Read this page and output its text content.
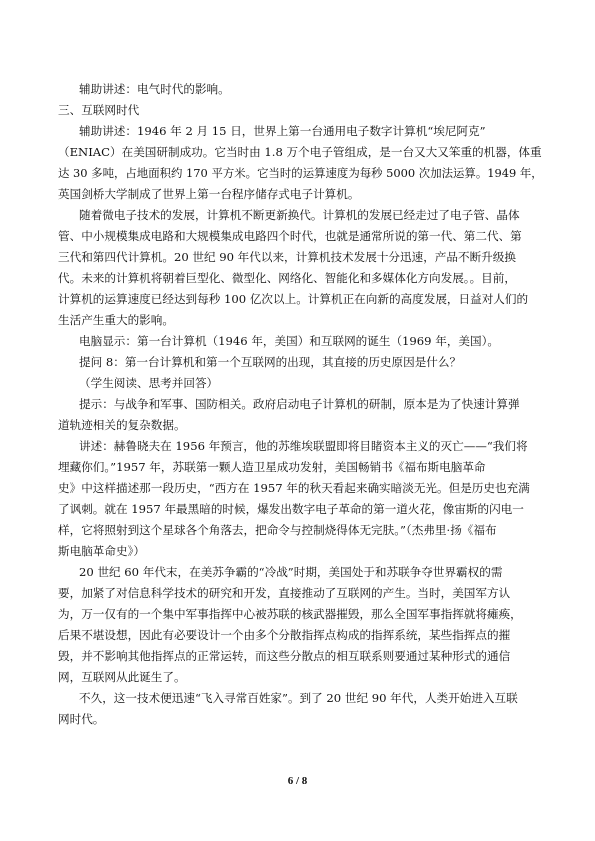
辅助讲述：电气时代的影响。
三、互联网时代
辅助讲述：1946 年 2 月 15 日，世界上第一台通用电子数字计算机“埃尼阿克”
（ENIAC）在美国研制成功。它当时由 1.8 万个电子管组成，是一台又大又笨重的机器，体重
达 30 多吨，占地面积约 170 平方米。它当时的运算速度为每秒 5000 次加法运算。1949 年，
英国剑桥大学制成了世界上第一台程序储存式电子计算机。
随着微电子技术的发展，计算机不断更新换代。计算机的发展已经走过了电子管、晶体
管、中小规模集成电路和大规模集成电路四个时代，也就是通常所说的第一代、第二代、第
三代和第四代计算机。20 世纪 90 年代以来，计算机技术发展十分迅速，产品不断升级换
代。未来的计算机将朝着巨型化、微型化、网络化、智能化和多媒体化方向发展。。目前，
计算机的运算速度已经达到每秒 100 亿次以上。计算机正在向新的高度发展，日益对人们的
生活产生重大的影响。
电脑显示：第一台计算机（1946 年，美国）和互联网的诞生（1969 年，美国）。
提问 8：第一台计算机和第一个互联网的出现，其直接的历史原因是什么？
（学生阅读、思考并回答）
提示：与战争和军事、国防相关。政府启动电子计算机的研制，原本是为了快速计算弹
道轨迹相关的复杂数据。
讲述：赫鲁晓夫在 1956 年预言，他的苏维埃联盟即将目睹资本主义的灭亡——“我们将
埋藏你们。”1957 年，苏联第一颗人造卫星成功发射，美国畅销书《福布斯电脑革命
史》中这样描述那一段历史，“西方在 1957 年的秋天看起来确实暗淡无光。但是历史也充满
了讽刺。就在 1957 年最黑暗的时候，爆发出数字电子革命的第一道火花，像宙斯的闪电一
样，它将照射到这个星球各个角落去，把命令与控制烧得体无完肤。”（杰弗里·扬《福布
斯电脑革命史》）
20 世纪 60 年代末，在美苏争霸的“冷战”时期，美国处于和苏联争夺世界霸权的需
要，加紧了对信息科学技术的研究和开发，直接推动了互联网的产生。当时，美国军方认
为，万一仅有的一个集中军事指挥中心被苏联的核武器摧毁，那么全国军事指挥就将瘫痪，
后果不堪设想，因此有必要设计一个由多个分散指挥点构成的指挥系统，某些指挥点的摧
毁，并不影响其他指挥点的正常运转，而这些分散点的相互联系则要通过某种形式的通信
网，互联网从此诞生了。
不久，这一技术便迅速“飞入寻常百姓家”。到了 20 世纪 90 年代，人类开始进入互联
网时代。
6 / 8
